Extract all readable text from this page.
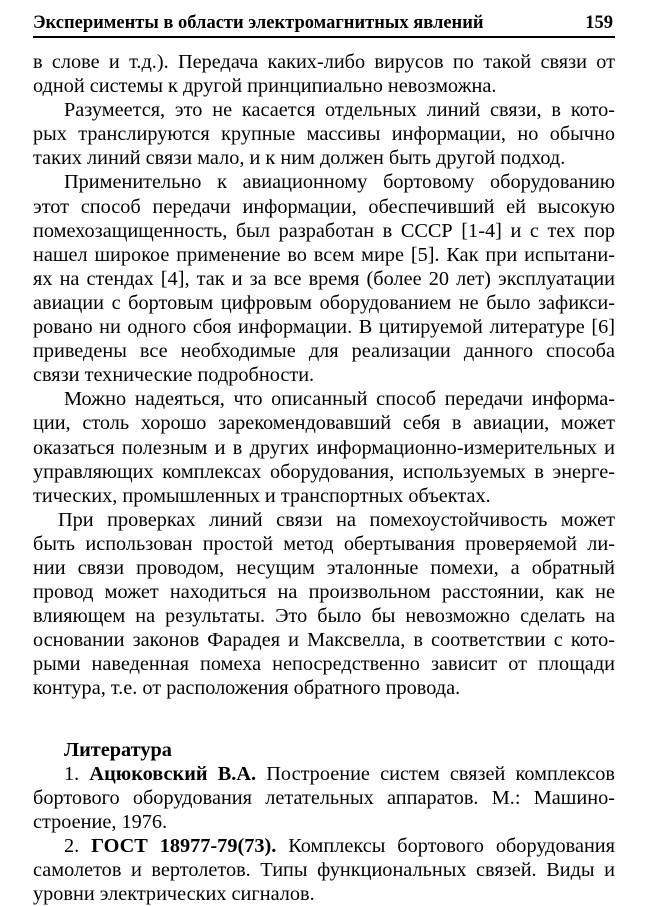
Эксперименты в области электромагнитных явлений	159
в слове и т.д.). Передача каких-либо вирусов по такой связи от
одной системы к другой принципиально невозможна.
Разумеется, это не касается отдельных линий связи, в кото-
рых транслируются крупные массивы информации, но обычно
таких линий связи мало, и к ним должен быть другой подход.
Применительно к авиационному бортовому оборудованию
этот способ передачи информации, обеспечивший ей высокую
помехозащищенность, был разработан в СССР [1-4] и с тех пор
нашел широкое применение во всем мире [5]. Как при испытани-
ях на стендах [4], так и за все время (более 20 лет) эксплуатации
авиации с бортовым цифровым оборудованием не было зафикси-
ровано ни одного сбоя информации. В цитируемой литературе [6]
приведены все необходимые для реализации данного способа
связи технические подробности.
Можно надеяться, что описанный способ передачи информа-
ции, столь хорошо зарекомендовавший себя в авиации, может
оказаться полезным и в других информационно-измерительных и
управляющих комплексах оборудования, используемых в энерге-
тических, промышленных и транспортных объектах.
При проверках линий связи на помехоустойчивость может
быть использован простой метод обертывания проверяемой ли-
нии связи проводом, несущим эталонные помехи, а обратный
провод может находиться на произвольном расстоянии, как не
влияющем на результаты. Это было бы невозможно сделать на
основании законов Фарадея и Максвелла, в соответствии с кото-
рыми наведенная помеха непосредственно зависит от площади
контура, т.е. от расположения обратного провода.
Литература
1. Ацюковский В.А. Построение систем связей комплексов
бортового оборудования летательных аппаратов. М.: Машино-
строение, 1976.
2. ГОСТ 18977-79(73). Комплексы бортового оборудования
самолетов и вертолетов. Типы функциональных связей. Виды и
уровни электрических сигналов.
